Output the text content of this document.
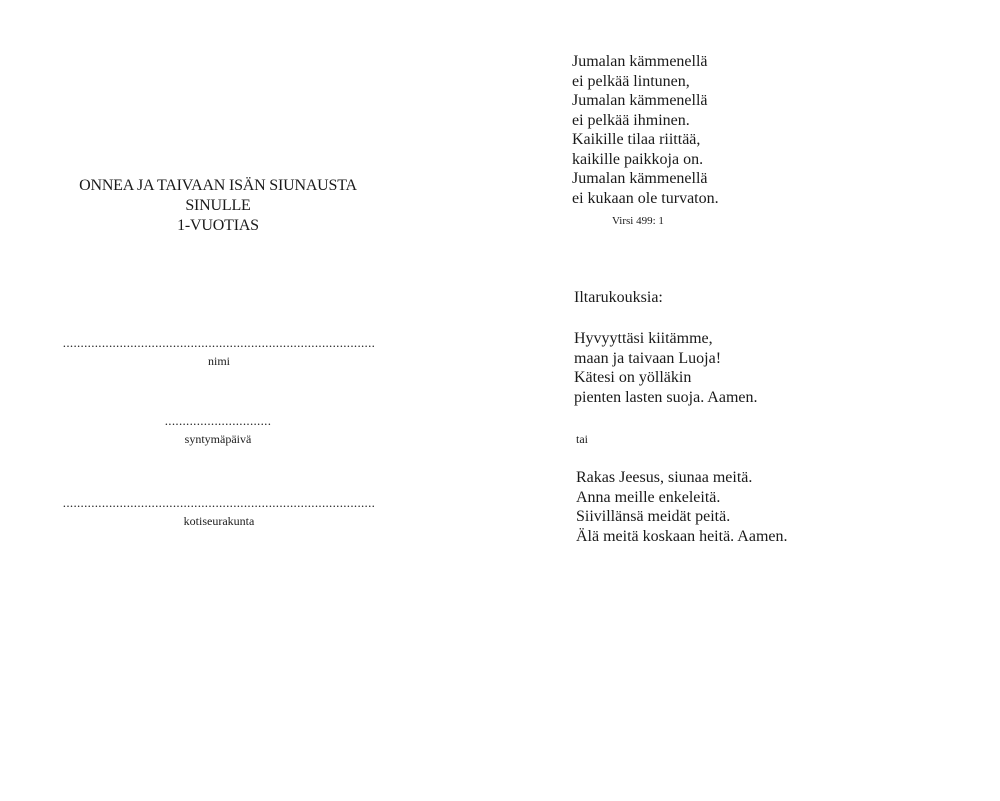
ONNEA JA TAIVAAN ISÄN SIUNAUSTA
SINULLE
1-VUOTIAS
........................................................................................
nimi
..............................
syntymäpäivä
........................................................................................
kotiseurakunta
Jumalan kämmenellä
ei pelkää lintunen,
Jumalan kämmenellä
ei pelkää ihminen.
Kaikille tilaa riittää,
kaikille paikkoja on.
Jumalan kämmenellä
ei kukaan ole turvaton.
Virsi 499: 1
Iltarukouksia:
Hyvyyttäsi kiitämme,
maan ja taivaan Luoja!
Kätesi on yölläkin
pienten lasten suoja. Aamen.
tai
Rakas Jeesus, siunaa meitä.
Anna meille enkeleitä.
Siivillänsä meidät peitä.
Älä meitä koskaan heitä. Aamen.
